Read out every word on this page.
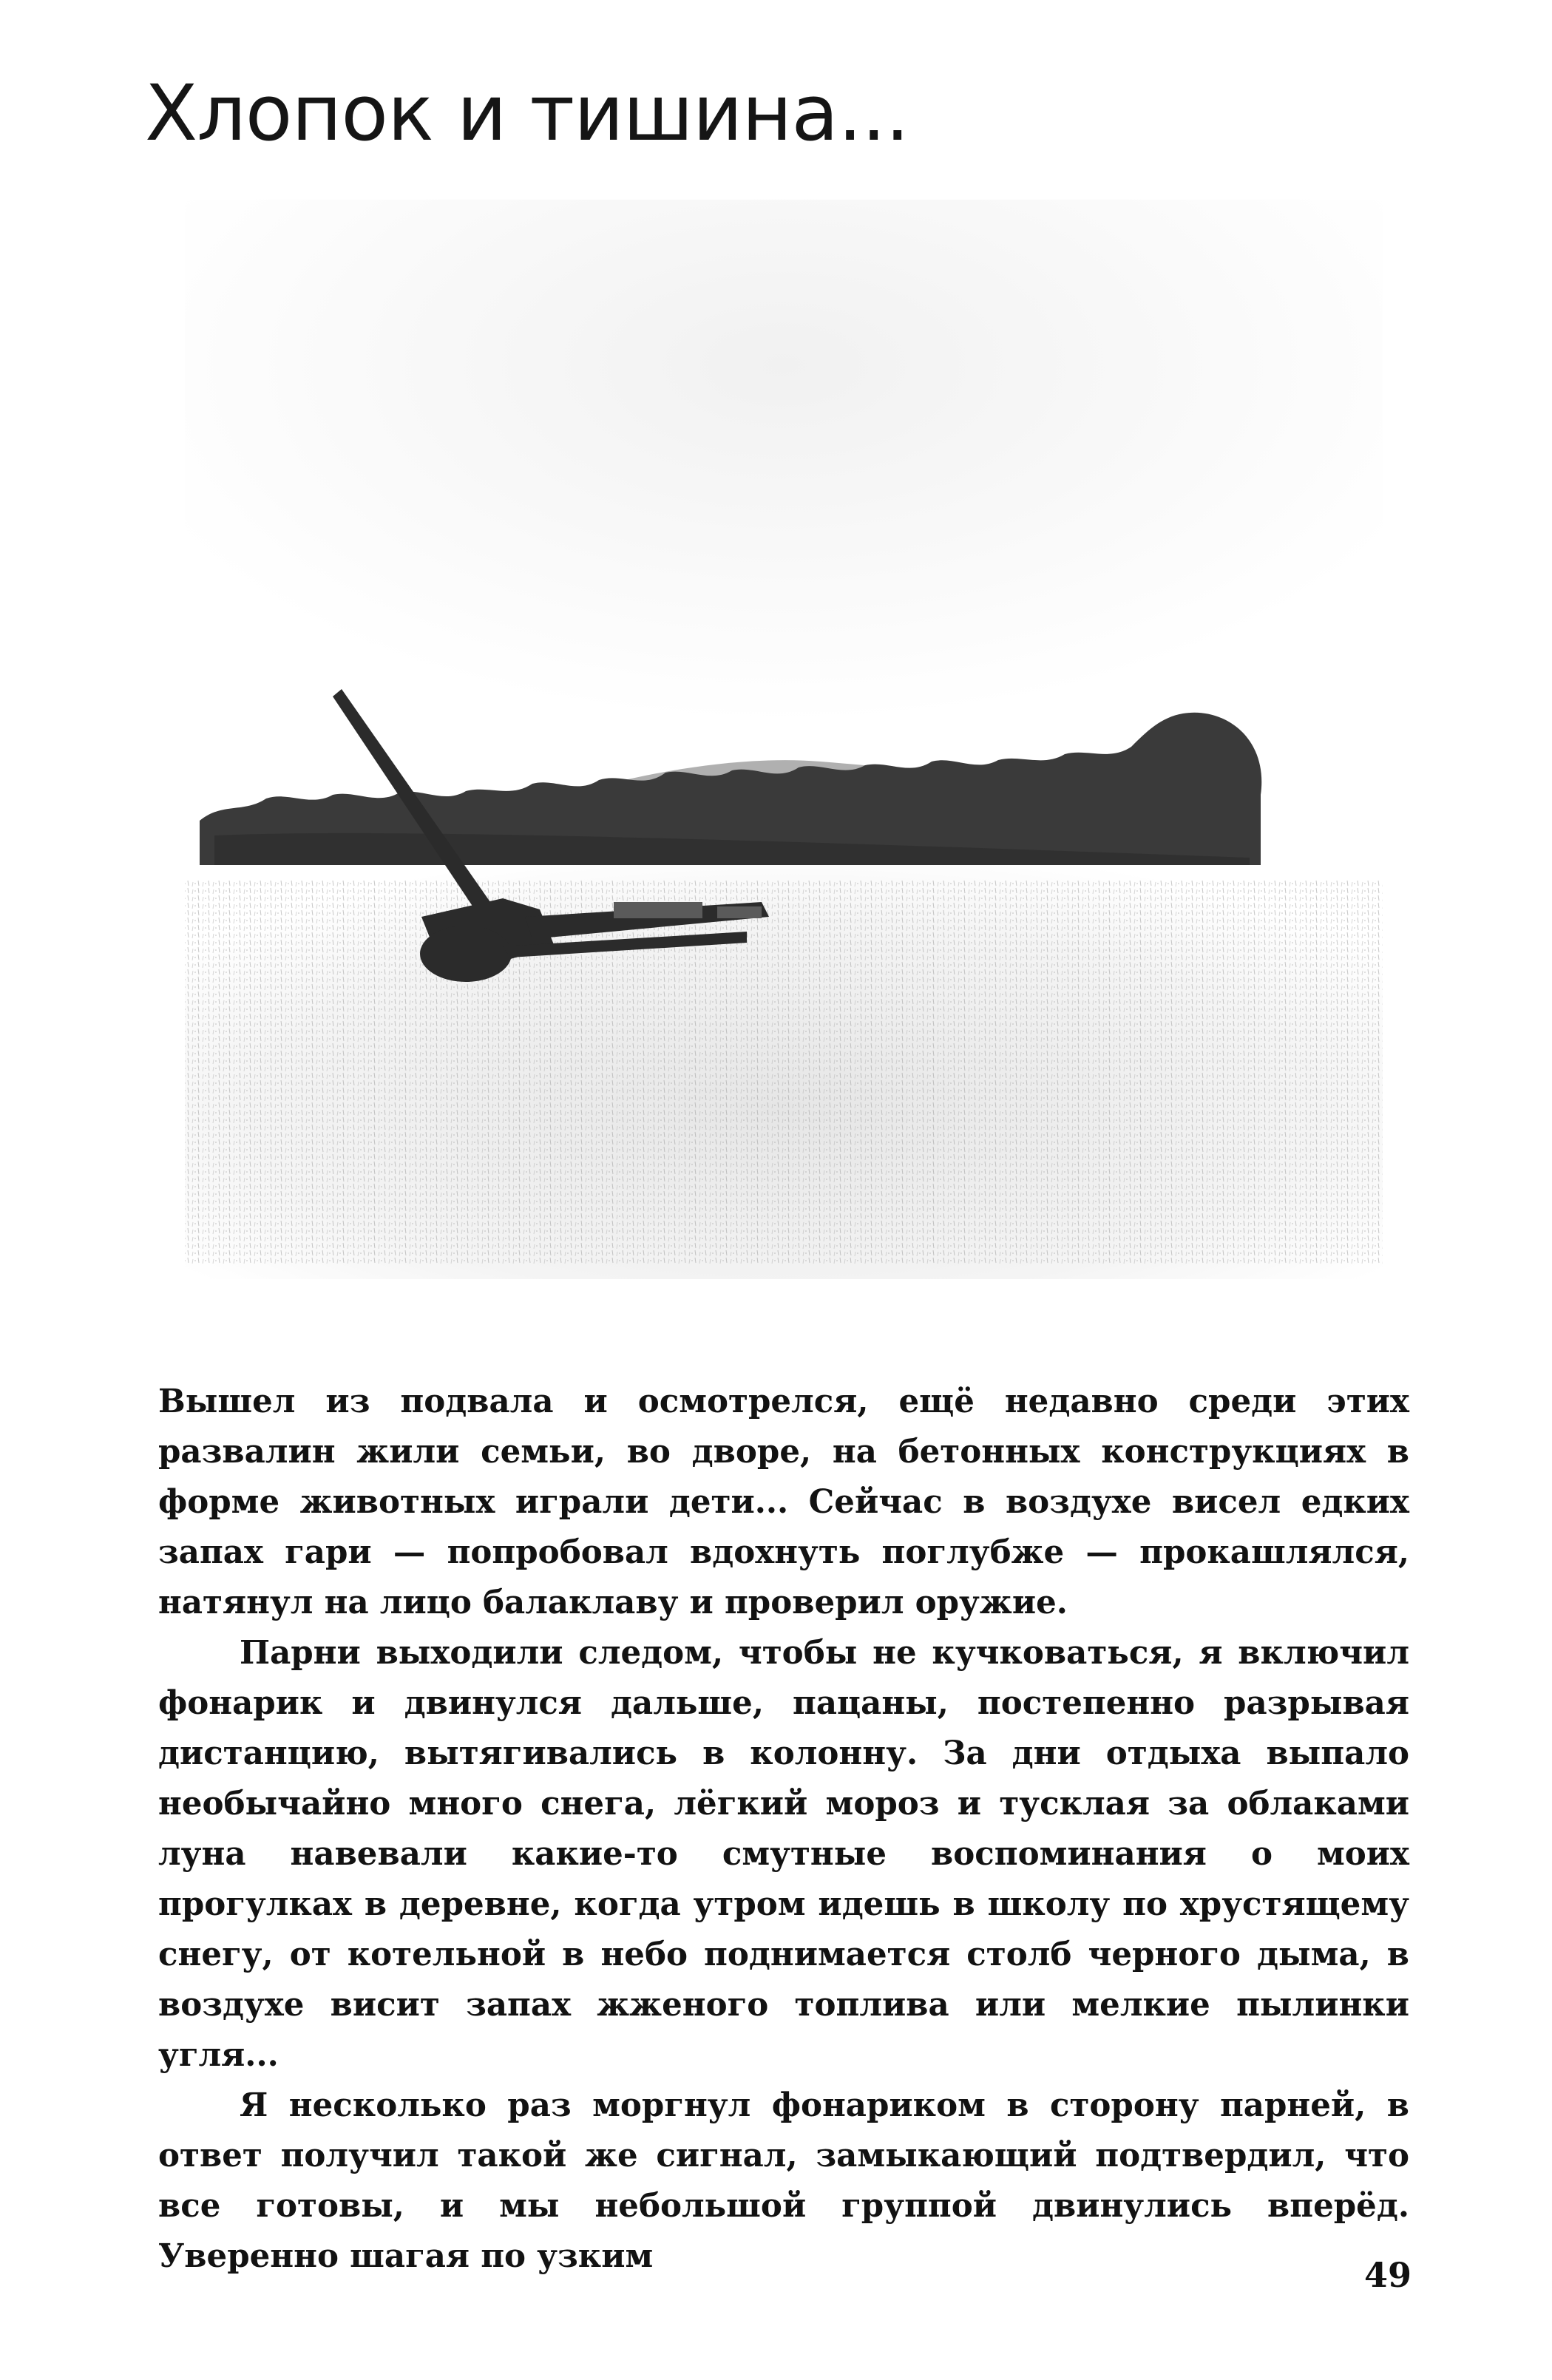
Хлопок и тишина...

Вышел из подвала и осмотрелся, ещё недавно среди этих развалин жили семьи, во дворе, на бетонных конструкциях в форме животных играли дети... Сейчас в воздухе висел едких запах гари — попробовал вдохнуть поглубже — прокашлялся, натянул на лицо балаклаву и проверил оружие.

Парни выходили следом, чтобы не кучковаться, я включил фонарик и двинулся дальше, пацаны, постепенно разрывая дистанцию, вытягивались в колонну. За дни отдыха выпало необычайно много снега, лёгкий мороз и тусклая за облаками луна навевали какие-то смутные воспоминания о моих прогулках в деревне, когда утром идешь в школу по хрустящему снегу, от котельной в небо поднимается столб черного дыма, в воздухе висит запах жженого топлива или мелкие пылинки угля...

Я несколько раз моргнул фонариком в сторону парней, в ответ получил такой же сигнал, замыкающий подтвердил, что все готовы, и мы небольшой группой двинулись вперёд. Уверенно шагая по узким	49
